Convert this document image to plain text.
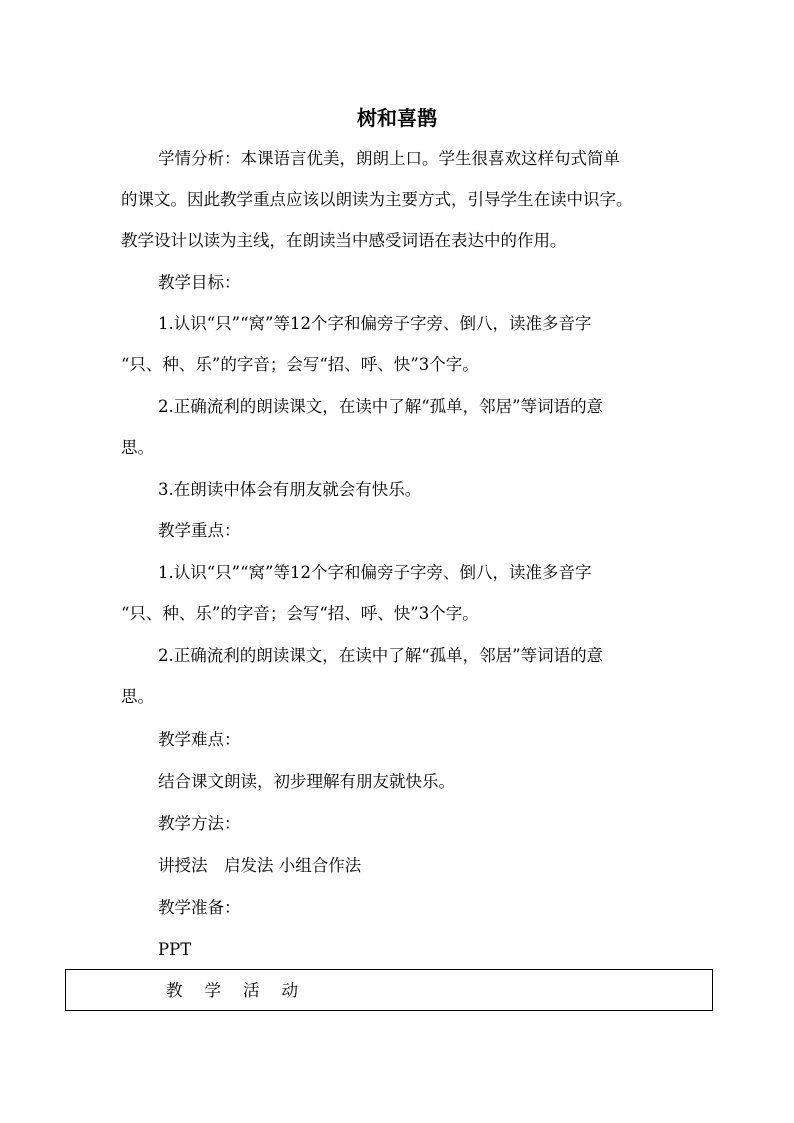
树和喜鹊
学情分析：本课语言优美，朗朗上口。学生很喜欢这样句式简单
的课文。因此教学重点应该以朗读为主要方式，引导学生在读中识字。
教学设计以读为主线，在朗读当中感受词语在表达中的作用。
教学目标：
1.认识“只”“窝”等12个字和偏旁子字旁、倒八，读准多音字
“只、种、乐”的字音；会写“招、呼、快”3个字。
2.正确流利的朗读课文，在读中了解“孤单，邻居”等词语的意
思。
3.在朗读中体会有朋友就会有快乐。
教学重点：
1.认识“只”“窝”等12个字和偏旁子字旁、倒八，读准多音字
“只、种、乐”的字音；会写“招、呼、快”3个字。
2.正确流利的朗读课文，在读中了解“孤单，邻居”等词语的意
思。
教学难点：
结合课文朗读，初步理解有朋友就快乐。
教学方法：
讲授法　启发法 小组合作法
教学准备：
PPT
教学活动
